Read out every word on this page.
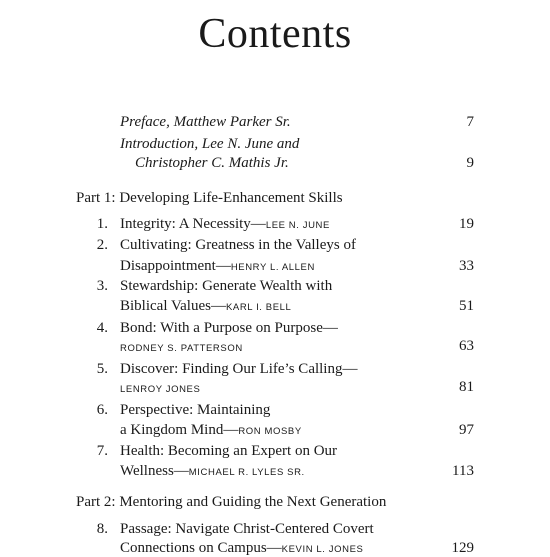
Contents
Preface, Matthew Parker Sr.	7
Introduction, Lee N. June and
Christopher C. Mathis Jr.	9
Part 1: Developing Life-Enhancement Skills
1. Integrity: A Necessity—LEE N. JUNE	19
2. Cultivating: Greatness in the Valleys of
Disappointment—HENRY L. ALLEN	33
3. Stewardship: Generate Wealth with
Biblical Values—KARL I. BELL	51
4. Bond: With a Purpose on Purpose—
RODNEY S. PATTERSON	63
5. Discover: Finding Our Life’s Calling—
LENROY JONES	81
6. Perspective: Maintaining
a Kingdom Mind—RON MOSBY	97
7. Health: Becoming an Expert on Our
Wellness—MICHAEL R. LYLES SR.	113
Part 2: Mentoring and Guiding the Next Generation
8. Passage: Navigate Christ-Centered Covert
Connections on Campus—KEVIN L. JONES	129
